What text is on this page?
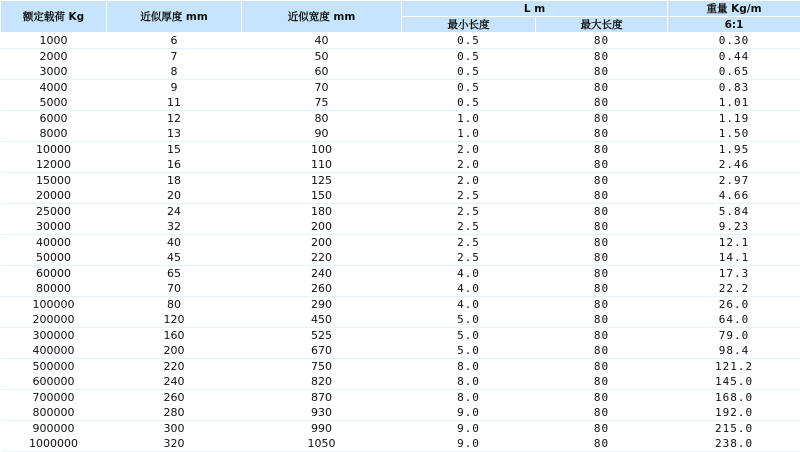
额定载荷 Kg	近似厚度 mm	近似宽度 mm	L m		重量 Kg/m
			最小长度	最大长度	6:1
1000	6	40	0.5	80	0.30
2000	7	50	0.5	80	0.44
3000	8	60	0.5	80	0.65
4000	9	70	0.5	80	0.83
5000	11	75	0.5	80	1.01
6000	12	80	1.0	80	1.19
8000	13	90	1.0	80	1.50
10000	15	100	2.0	80	1.95
12000	16	110	2.0	80	2.46
15000	18	125	2.0	80	2.97
20000	20	150	2.5	80	4.66
25000	24	180	2.5	80	5.84
30000	32	200	2.5	80	9.23
40000	40	200	2.5	80	12.1
50000	45	220	2.5	80	14.1
60000	65	240	4.0	80	17.3
80000	70	260	4.0	80	22.2
100000	80	290	4.0	80	26.0
200000	120	450	5.0	80	64.0
300000	160	525	5.0	80	79.0
400000	200	670	5.0	80	98.4
500000	220	750	8.0	80	121.2
600000	240	820	8.0	80	145.0
700000	260	870	8.0	80	168.0
800000	280	930	9.0	80	192.0
900000	300	990	9.0	80	215.0
1000000	320	1050	9.0	80	238.0
